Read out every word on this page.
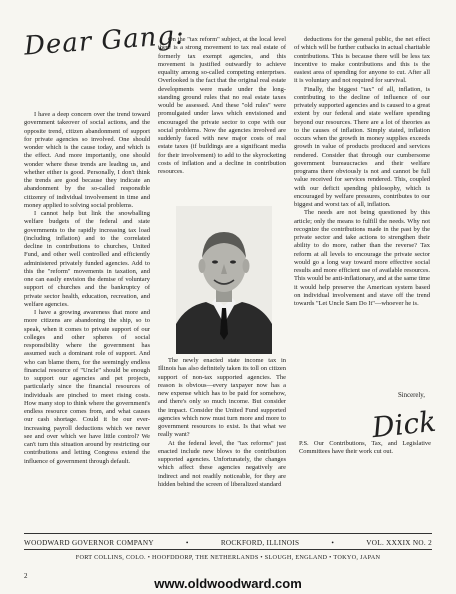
Dear Gang:

I have a deep concern over the trend toward government takeover of social actions, and the opposite trend, citizen abandonment of support for private agencies so involved. One should wonder which is the cause today, and which is the effect. And more importantly, one should wonder where these trends are leading us, and whether either is good. Personally, I don't think the trends are good because they indicate an abandonment by the so-called responsible citizenry of individual involvement in time and money applied to solving social problems.

I cannot help but link the snowballing welfare budgets of the federal and state governments to the rapidly increasing tax load (including inflation) and to the correlated decline in contributions to churches, United Fund, and other well controlled and efficiently administered privately funded agencies. Add to this the "reform" movements in taxation, and one can easily envision the demise of voluntary support of churches and the bankruptcy of private sector health, education, recreation, and welfare agencies.

I have a growing awareness that more and more citizens are abandoning the ship, so to speak, when it comes to private support of our colleges and other spheres of social responsibility where the government has assumed such a dominant role of support. And who can blame them, for the seemingly endless financial resource of "Uncle" should be enough to support our agencies and pet projects, particularly since the financial resources of individuals are pinched to meet rising costs. How many stop to think where the government's endless resource comes from, and what causes our cash shortage. Could it be our ever-increasing payroll deductions which we never see and over which we have little control? We can't turn this situation around by restricting our contributions and letting Congress extend the influence of government through default.

On the "tax reform" subject, at the local level there is a strong movement to tax real estate of formerly tax exempt agencies, and this movement is justified outwardly to achieve equality among so-called competing enterprises. Overlooked is the fact that the original real estate developments were made under the long-standing ground rules that no real estate taxes would be assessed. And these "old rules" were promulgated under laws which envisioned and encouraged the private sector to cope with our social problems. Now the agencies involved are suddenly faced with new major costs of real estate taxes (if buildings are a significant media for their involvement) to add to the skyrocketing costs of inflation and a decline in contribution resources.

The newly enacted state income tax in Illinois has also definitely taken its toll on citizen support of non-tax supported agencies. The reason is obvious—every taxpayer now has a new expense which has to be paid for somehow, and there's only so much income. But consider the impact. Consider the United Fund supported agencies which now must turn more and more to government resources to exist. Is that what we really want?

At the federal level, the "tax reforms" just enacted include new blows to the contribution supported agencies. Unfortunately, the changes which affect these agencies negatively are indirect and not readily noticeable, for they are hidden behind the screen of liberalized standard

deductions for the general public, the net effect of which will be further cutbacks in actual charitable contributions. This is because there will be less tax incentive to make contributions and this is the easiest area of spending for anyone to cut. After all it is voluntary and not required for survival.

Finally, the biggest "tax" of all, inflation, is contributing to the decline of influence of our privately supported agencies and is caused to a great extent by our federal and state welfare spending beyond our resources. There are a lot of theories as to the causes of inflation. Simply stated, inflation occurs when the growth in money supplies exceeds growth in value of products produced and services rendered. Consider that through our cumbersome government bureaucracies and their welfare programs there obviously is not and cannot be full value received for services rendered. This, coupled with our deficit spending philosophy, which is encouraged by welfare pressures, contributes to our biggest and worst tax of all, inflation.

The needs are not being questioned by this article; only the means to fulfill the needs. Why not recognize the contributions made in the past by the private sector and take actions to strengthen their ability to do more, rather than the reverse? Tax reform at all levels to encourage the private sector would go a long way toward more effective social results and more efficient use of available resources. This would be anti-inflationary, and at the same time it would help preserve the American system based on individual involvement and stave off the trend towards "Let Uncle Sam Do It"—whoever he is.

Sincerely,
Dick
P.S. Our Contributions, Tax, and Legislative Committees have their work cut out.
WOODWARD GOVERNOR COMPANY	•	ROCKFORD, ILLINOIS	•	VOL. XXXIX NO. 2
FORT COLLINS, COLO. • HOOFDDORP, THE NETHERLANDS • SLOUGH, ENGLAND • TOKYO, JAPAN
2	www.oldwoodward.com
